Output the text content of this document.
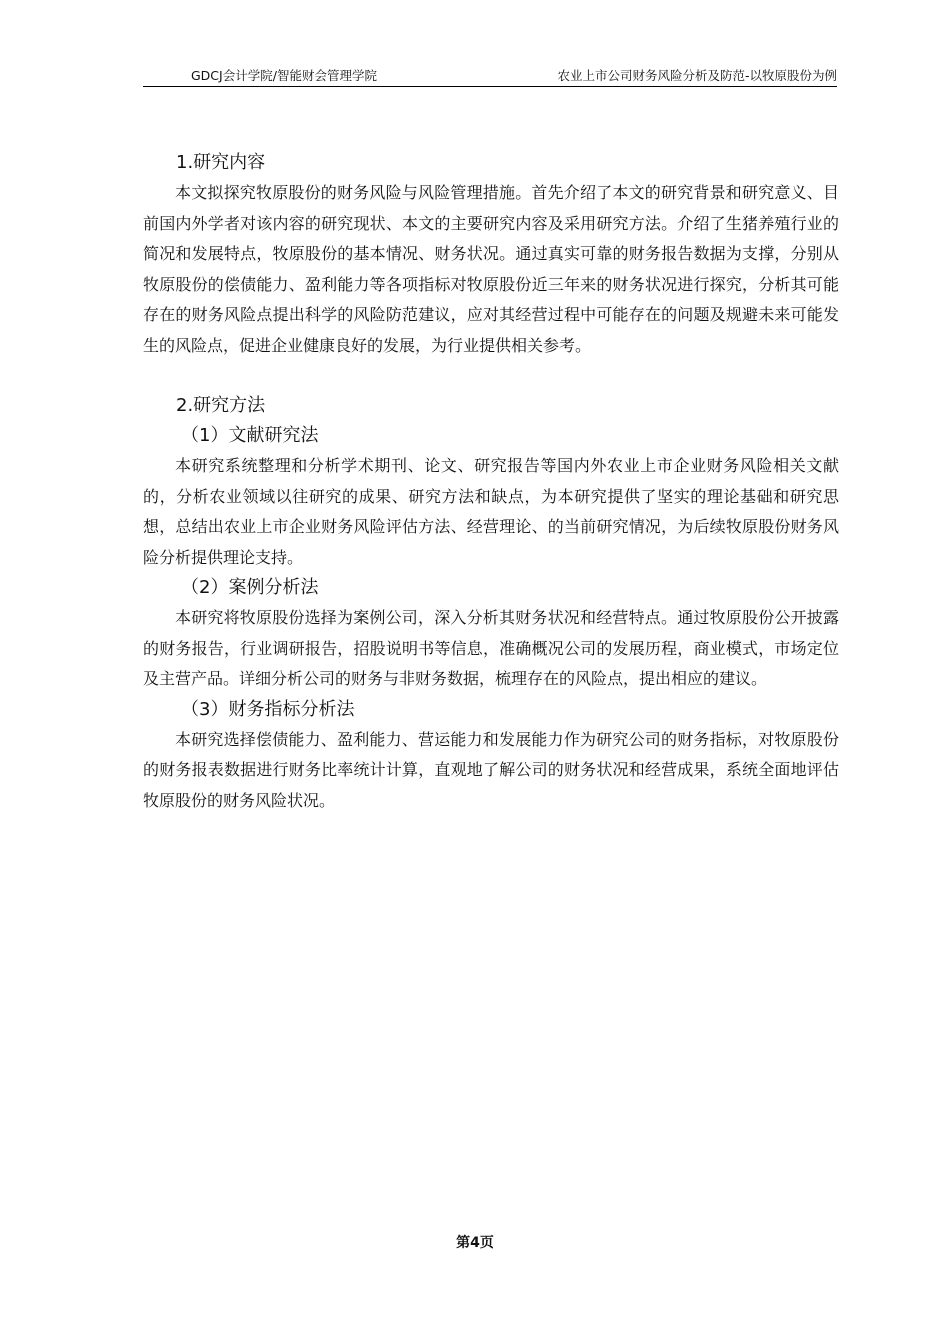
GDCJ会计学院/智能财会管理学院	农业上市公司财务风险分析及防范-以牧原股份为例
1.研究内容

本文拟探究牧原股份的财务风险与风险管理措施。首先介绍了本文的研究背景和研究意义、目前国内外学者对该内容的研究现状、本文的主要研究内容及采用研究方法。介绍了生猪养殖行业的简况和发展特点，牧原股份的基本情况、财务状况。通过真实可靠的财务报告数据为支撑，分别从牧原股份的偿债能力、盈利能力等各项指标对牧原股份近三年来的财务状况进行探究，分析其可能存在的财务风险点提出科学的风险防范建议，应对其经营过程中可能存在的问题及规避未来可能发生的风险点，促进企业健康良好的发展，为行业提供相关参考。

2.研究方法
（1）文献研究法

本研究系统整理和分析学术期刊、论文、研究报告等国内外农业上市企业财务风险相关文献的，分析农业领域以往研究的成果、研究方法和缺点，为本研究提供了坚实的理论基础和研究思想，总结出农业上市企业财务风险评估方法、经营理论、的当前研究情况，为后续牧原股份财务风险分析提供理论支持。

（2）案例分析法

本研究将牧原股份选择为案例公司，深入分析其财务状况和经营特点。通过牧原股份公开披露的财务报告，行业调研报告，招股说明书等信息，准确概况公司的发展历程，商业模式，市场定位及主营产品。详细分析公司的财务与非财务数据，梳理存在的风险点，提出相应的建议。

（3）财务指标分析法

本研究选择偿债能力、盈利能力、营运能力和发展能力作为研究公司的财务指标，对牧原股份的财务报表数据进行财务比率统计计算，直观地了解公司的财务状况和经营成果，系统全面地评估牧原股份的财务风险状况。

第4页
